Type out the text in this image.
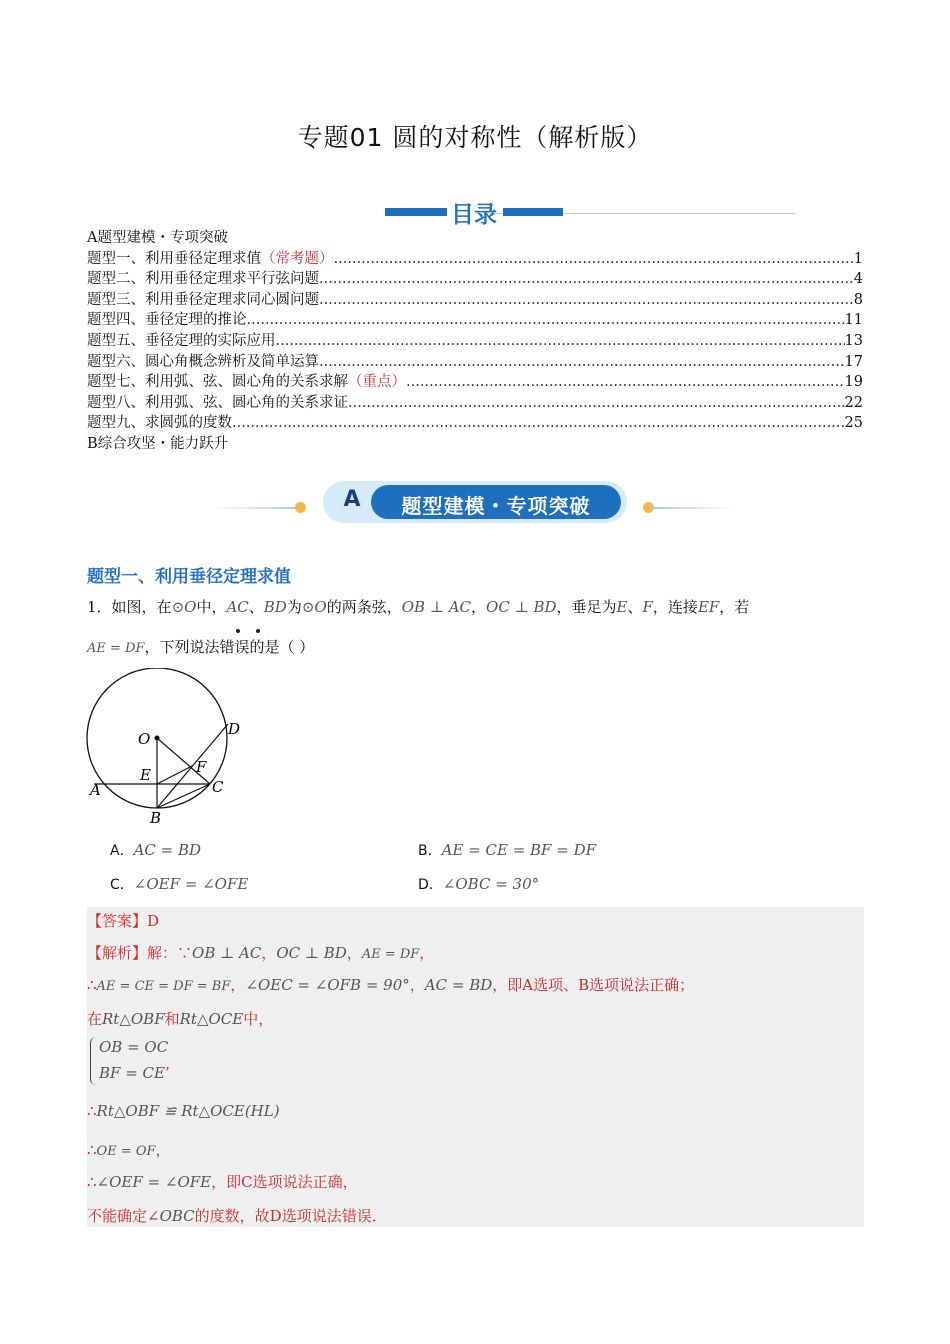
专题01 圆的对称性（解析版）
目录
A题型建模・专项突破
题型一、利用垂径定理求值 （常考题） .....	1
题型二、利用垂径定理求平行弦问题 .....	4
题型三、利用垂径定理求同心圆问题 .....	8
题型四、垂径定理的推论 .....	11
题型五、垂径定理的实际应用 .....	13
题型六、圆心角概念辨析及简单运算 .....	17
题型七、利用弧、弦、圆心角的关系求解 （重点） .....	19
题型八、利用弧、弦、圆心角的关系求证 .....	22
题型九、求圆弧的度数 .....	25
B综合攻坚・能力跃升
A	题型建模・专项突破
题型一、利用垂径定理求值
1．如图，在⊙O中，AC、BD为⊙O的两条弦，OB ⊥ AC，OC ⊥ BD，垂足为E、F，连接EF，若
AE = DF，下列说法错误的是（ ）
O
D
E	F
A	C
B
A．AC = BD	B．AE = CE = BF = DF
C．∠OEF = ∠OFE	D．∠OBC = 30°
【答案】D
【解析】解：∵OB ⊥ AC，OC ⊥ BD，AE = DF，
∴AE = CE = DF = BF，∠OEC = ∠OFB = 90°，AC = BD，即A选项、B选项说法正确；
在Rt△OBF和Rt△OCE中，
OB = OC
BF = CE’
∴Rt△OBF ≌ Rt△OCE(HL)
∴OE = OF，
∴∠OEF = ∠OFE，即C选项说法正确，
不能确定∠OBC的度数，故D选项说法错误．
